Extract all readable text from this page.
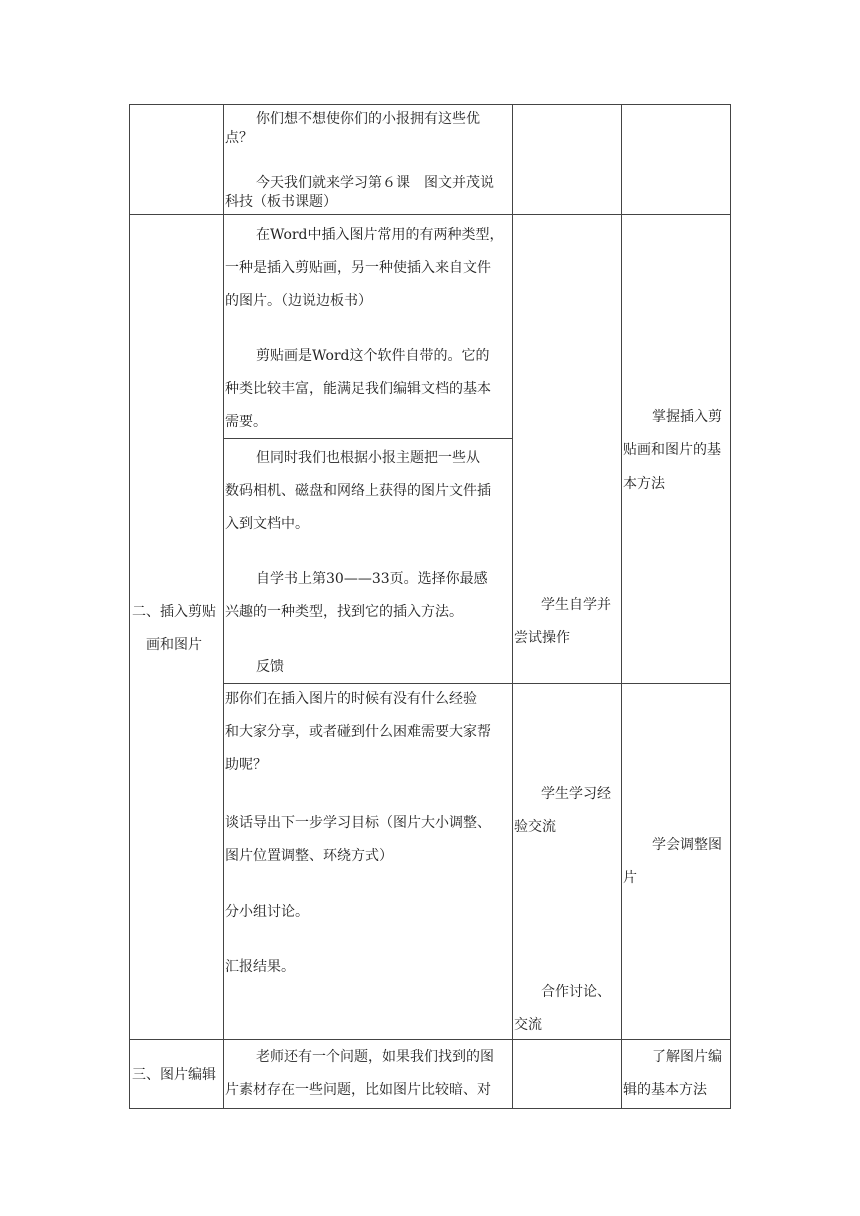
你们想不想使你们的小报拥有这些优
点？
今天我们就来学习第６课　图文并茂说
科技（板书课题）
二、插入剪贴
画和图片
在Word中插入图片常用的有两种类型，
一种是插入剪贴画，另一种使插入来自文件
的图片。（边说边板书）
剪贴画是Word这个软件自带的。它的
种类比较丰富，能满足我们编辑文档的基本
需要。
但同时我们也根据小报主题把一些从
数码相机、磁盘和网络上获得的图片文件插
入到文档中。
自学书上第30——33页。选择你最感
兴趣的一种类型，找到它的插入方法。
反馈
学生自学并
尝试操作
掌握插入剪
贴画和图片的基
本方法
那你们在插入图片的时候有没有什么经验
和大家分享，或者碰到什么困难需要大家帮
助呢？
谈话导出下一步学习目标（图片大小调整、
图片位置调整、环绕方式）
分小组讨论。
汇报结果。
学生学习经
验交流
合作讨论、
交流
学会调整图
片
三、图片编辑
老师还有一个问题，如果我们找到的图
片素材存在一些问题，比如图片比较暗、对
了解图片编
辑的基本方法
